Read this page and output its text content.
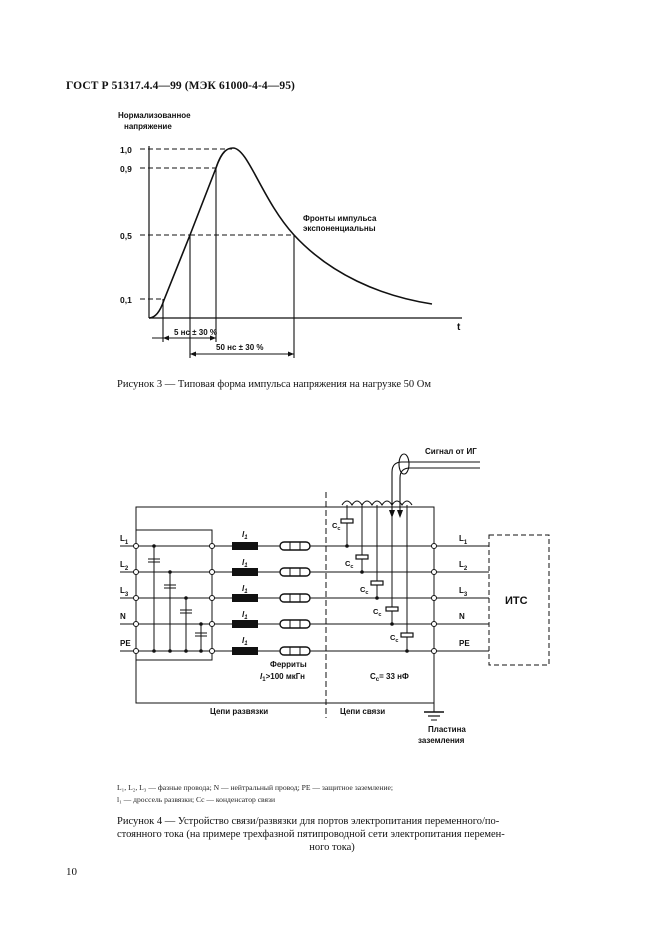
ГОСТ Р 51317.4.4—99 (МЭК 61000-4-4—95)
Нормализованное
напряжение
t
1,0
0,9
0,5
0,1
Фронты импульса
экспоненциальны
5 нс ± 30 %
50 нс ± 30 %
Рисунок 3 — Типовая форма импульса напряжения на нагрузке 50 Ом
ИТС
$L_1$
$L_2$
$L_3$
N
PE
$L_1$
$L_2$
$L_3$
N
PE
$l_1$
$l_1$
$l_1$
$l_1$
$l_1$
Ферриты
$l_1>100$ мкГн
$C_c$
$C_c$
$C_c$
$C_c$
$C_c$
Сигнал от ИГ
$C_c= 33$ нФ
Цепи развязки	Цепи связи
Пластина
заземления
L₁, L₂, L₃ — фазные провода; N — нейтральный провод; PE — защитное заземление;
l₁ — дроссель развязки; Cс — конденсатор связи
Рисунок 4 — Устройство связи/развязки для портов электропитания переменного/по-
стоянного тока (на примере трехфазной пятипроводной сети электропитания перемен-
ного тока)
10
